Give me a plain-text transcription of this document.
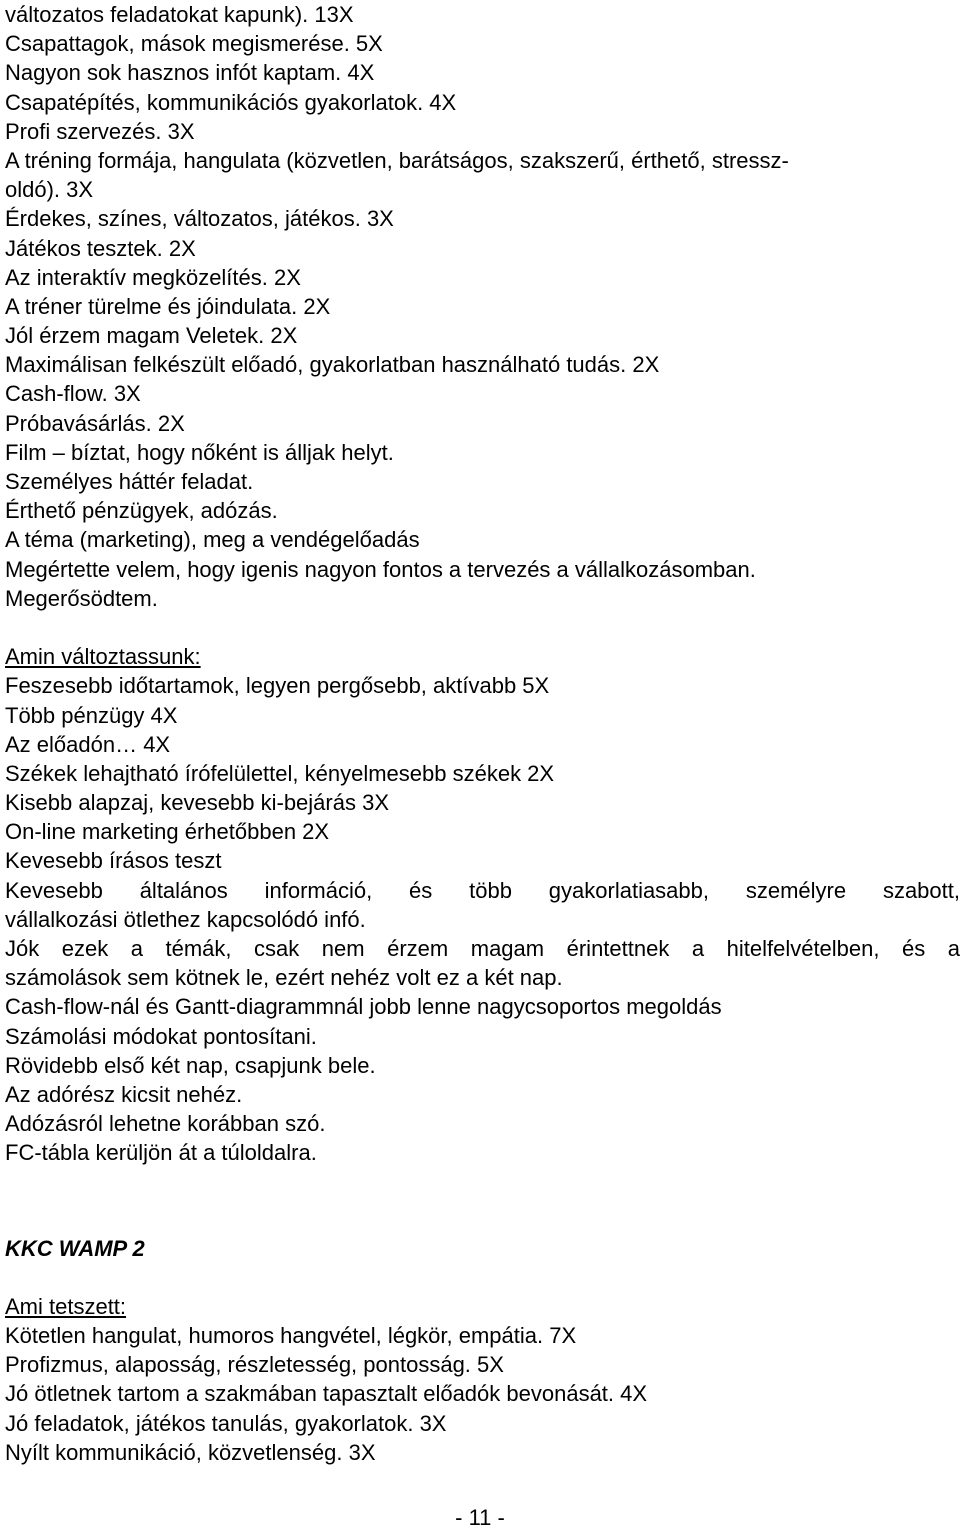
változatos feladatokat kapunk). 13X
Csapattagok, mások megismerése. 5X
Nagyon sok hasznos infót kaptam. 4X
Csapatépítés, kommunikációs gyakorlatok. 4X
Profi szervezés. 3X
A tréning formája, hangulata (közvetlen, barátságos, szakszerű, érthető, stressz-
oldó). 3X
Érdekes, színes, változatos, játékos. 3X
Játékos tesztek. 2X
Az interaktív megközelítés. 2X
A tréner türelme és jóindulata. 2X
Jól érzem magam Veletek. 2X
Maximálisan felkészült előadó, gyakorlatban használható tudás. 2X
Cash-flow. 3X
Próbavásárlás. 2X
Film – bíztat, hogy nőként is álljak helyt.
Személyes háttér feladat.
Érthető pénzügyek, adózás.
A téma (marketing), meg a vendégelőadás
Megértette velem, hogy igenis nagyon fontos a tervezés a vállalkozásomban.
Megerősödtem.
Amin változtassunk:
Feszesebb időtartamok, legyen pergősebb, aktívabb 5X
Több pénzügy 4X
Az előadón… 4X
Székek lehajtható írófelülettel, kényelmesebb székek 2X
Kisebb alapzaj, kevesebb ki-bejárás 3X
On-line marketing érhetőbben 2X
Kevesebb írásos teszt
Kevesebb általános információ, és több gyakorlatiasabb, személyre szabott,
vállalkozási ötlethez kapcsolódó infó.
Jók ezek a témák, csak nem érzem magam érintettnek a hitelfelvételben, és a
számolások sem kötnek le, ezért nehéz volt ez a két nap.
Cash-flow-nál és Gantt-diagrammnál jobb lenne nagycsoportos megoldás
Számolási módokat pontosítani.
Rövidebb első két nap, csapjunk bele.
Az adórész kicsit nehéz.
Adózásról lehetne korábban szó.
FC-tábla kerüljön át a túloldalra.
KKC WAMP 2
Ami tetszett:
Kötetlen hangulat, humoros hangvétel, légkör, empátia. 7X
Profizmus, alaposság, részletesség, pontosság. 5X
Jó ötletnek tartom a szakmában tapasztalt előadók bevonását. 4X
Jó feladatok, játékos tanulás, gyakorlatok. 3X
Nyílt kommunikáció, közvetlenség. 3X
- 11 -
